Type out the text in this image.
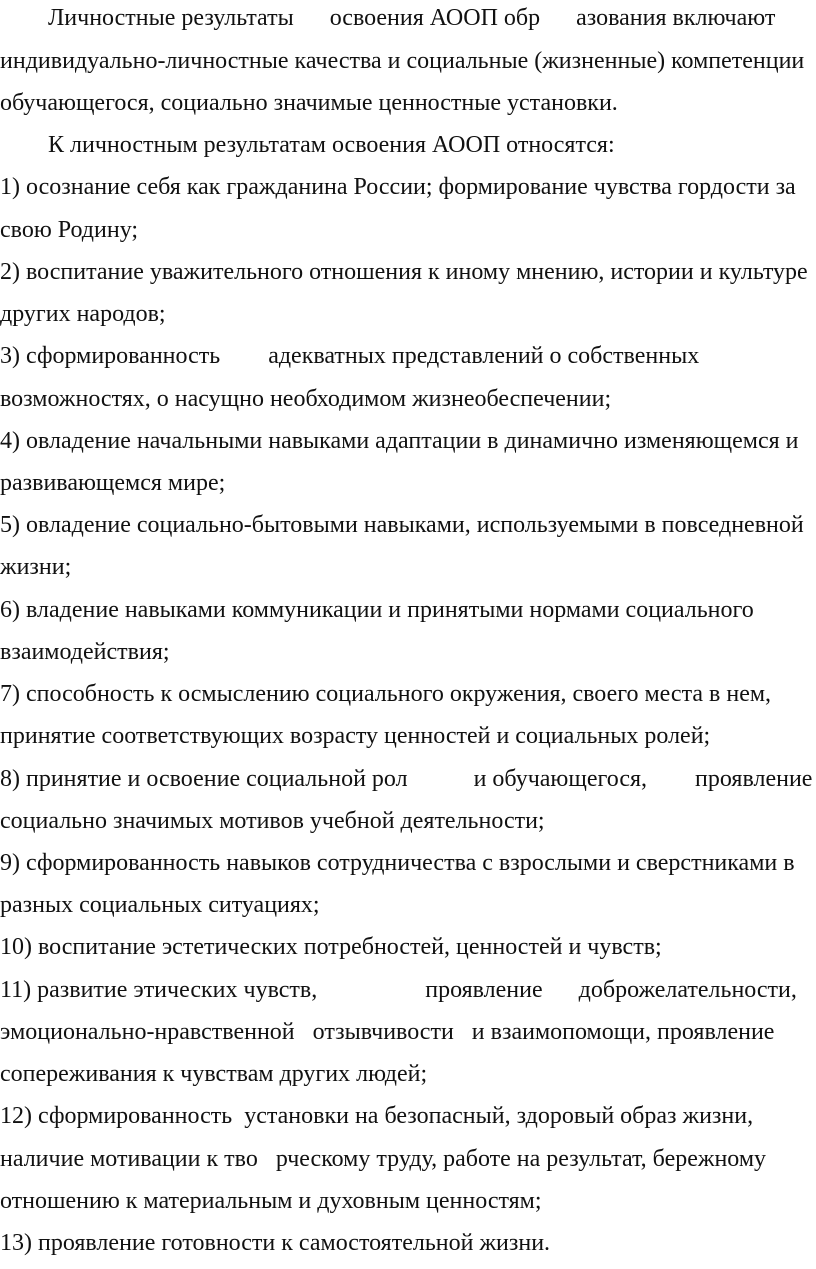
Личностные результаты      освоения АООП обр      азования включают
индивидуально-личностные качества и социальные (жизненные) компетенции
обучающегося, социально значимые ценностные установки.
К личностным результатам освоения АООП относятся:
1) осознание себя как гражданина России; формирование чувства гордости за
свою Родину;
2) воспитание уважительного отношения к иному мнению, истории и культуре
других народов;
3) сформированность        адекватных представлений о собственных
возможностях, о насущно необходимом жизнеобеспечении;
4) овладение начальными навыками адаптации в динамично изменяющемся и
развивающемся мире;
5) овладение социально-бытовыми навыками, используемыми в повседневной
жизни;
6) владение навыками коммуникации и принятыми нормами социального
взаимодействия;
7) способность к осмыслению социального окружения, своего места в нем,
принятие соответствующих возрасту ценностей и социальных ролей;
8) принятие и освоение социальной рол           и обучающегося,        проявление
социально значимых мотивов учебной деятельности;
9) сформированность навыков сотрудничества с взрослыми и сверстниками в
разных социальных ситуациях;
10) воспитание эстетических потребностей, ценностей и чувств;
11) развитие этических чувств,                  проявление      доброжелательности,
эмоционально-нравственной   отзывчивости   и взаимопомощи, проявление
сопереживания к чувствам других людей;
12) сформированность  установки на безопасный, здоровый образ жизни,
наличие мотивации к тво   рческому труду, работе на результат, бережному
отношению к материальным и духовным ценностям;
13) проявление готовности к самостоятельной жизни.
